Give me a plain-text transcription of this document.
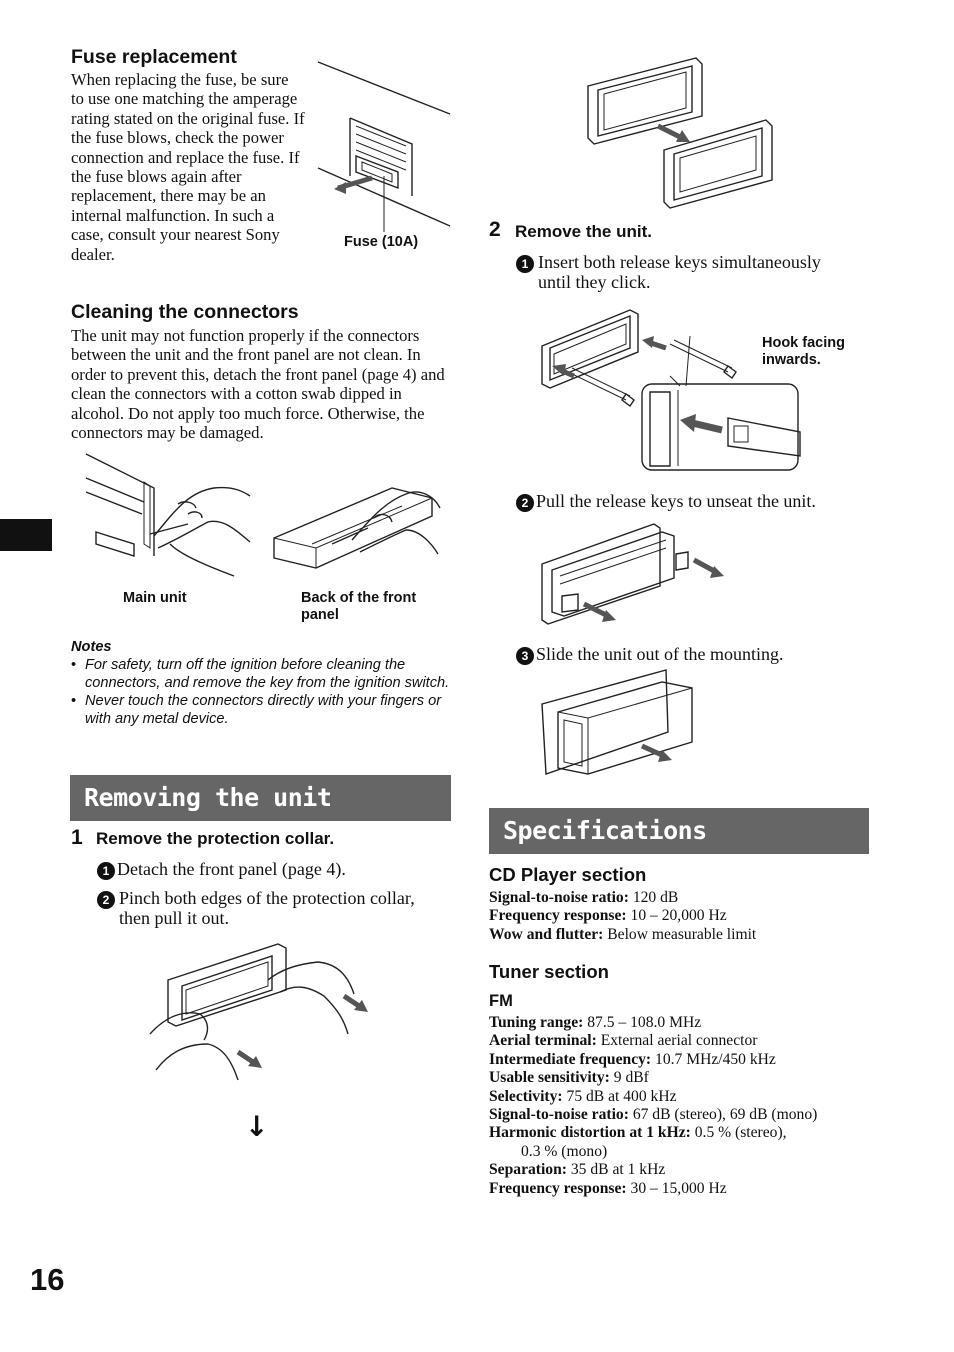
Fuse replacement
When replacing the fuse, be sure to use one matching the amperage rating stated on the original fuse. If the fuse blows, check the power connection and replace the fuse. If the fuse blows again after replacement, there may be an internal malfunction. In such a case, consult your nearest Sony dealer.
Fuse (10A)
Cleaning the connectors
The unit may not function properly if the connectors between the unit and the front panel are not clean. In order to prevent this, detach the front panel (page 4) and clean the connectors with a cotton swab dipped in alcohol. Do not apply too much force. Otherwise, the connectors may be damaged.
Main unit	Back of the front panel
Notes
• For safety, turn off the ignition before cleaning the connectors, and remove the key from the ignition switch.
• Never touch the connectors directly with your fingers or with any metal device.
Removing the unit
1 Remove the protection collar.
1 Detach the front panel (page 4).
2 Pinch both edges of the protection collar, then pull it out.
↓
2 Remove the unit.
1 Insert both release keys simultaneously until they click.
Hook facing inwards.
2 Pull the release keys to unseat the unit.
3 Slide the unit out of the mounting.
Specifications
CD Player section
Signal-to-noise ratio: 120 dB
Frequency response: 10 – 20,000 Hz
Wow and flutter: Below measurable limit
Tuner section
FM
Tuning range: 87.5 – 108.0 MHz
Aerial terminal: External aerial connector
Intermediate frequency: 10.7 MHz/450 kHz
Usable sensitivity: 9 dBf
Selectivity: 75 dB at 400 kHz
Signal-to-noise ratio: 67 dB (stereo), 69 dB (mono)
Harmonic distortion at 1 kHz: 0.5 % (stereo),
0.3 % (mono)
Separation: 35 dB at 1 kHz
Frequency response: 30 – 15,000 Hz
16
